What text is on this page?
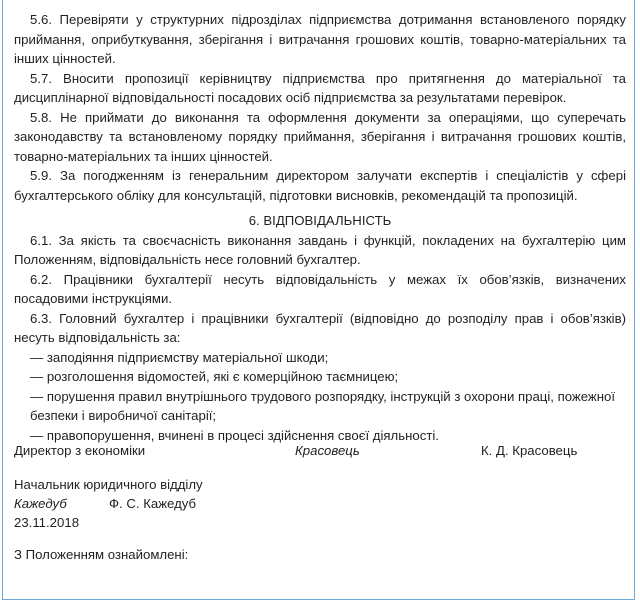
5.6. Перевіряти у структурних підрозділах підприємства дотримання встановленого порядку приймання, оприбуткування, зберігання і витрачання грошових коштів, товарно-матеріальних та інших цінностей.

5.7. Вносити пропозиції керівництву підприємства про притягнення до матеріальної та дисциплінарної відповідальності посадових осіб підприємства за результатами перевірок.

5.8. Не приймати до виконання та оформлення документи за операціями, що суперечать законодавству та встановленому порядку приймання, зберігання і витрачання грошових коштів, товарно-матеріальних та інших цінностей.

5.9. За погодженням із генеральним директором залучати експертів і спеціалістів у сфері бухгалтерського обліку для консультацій, підготовки висновків, рекомендацій та пропозицій.

6. ВІДПОВІДАЛЬНІСТЬ

6.1. За якість та своєчасність виконання завдань і функцій, покладених на бухгалтерію цим Положенням, відповідальність несе головний бухгалтер.

6.2. Працівники бухгалтерії несуть відповідальність у межах їх обов’язків, визначених посадовими інструкціями.

6.3. Головний бухгалтер і працівники бухгалтерії (відповідно до розподілу прав і обов’язків) несуть відповідальність за:

— заподіяння підприємству матеріальної шкоди;

— розголошення відомостей, які є комерційною таємницею;

— порушення правил внутрішнього трудового розпорядку, інструкцій з охорони праці, пожежної безпеки і виробничої санітарії;

— правопорушення, вчинені в процесі здійснення своєї діяльності.

Директор з економіки	Красовець	К. Д. Красовець
Начальник юридичного відділу
Кажедуб	Ф. С. Кажедуб
23.11.2018
З Положенням ознайомлені:
